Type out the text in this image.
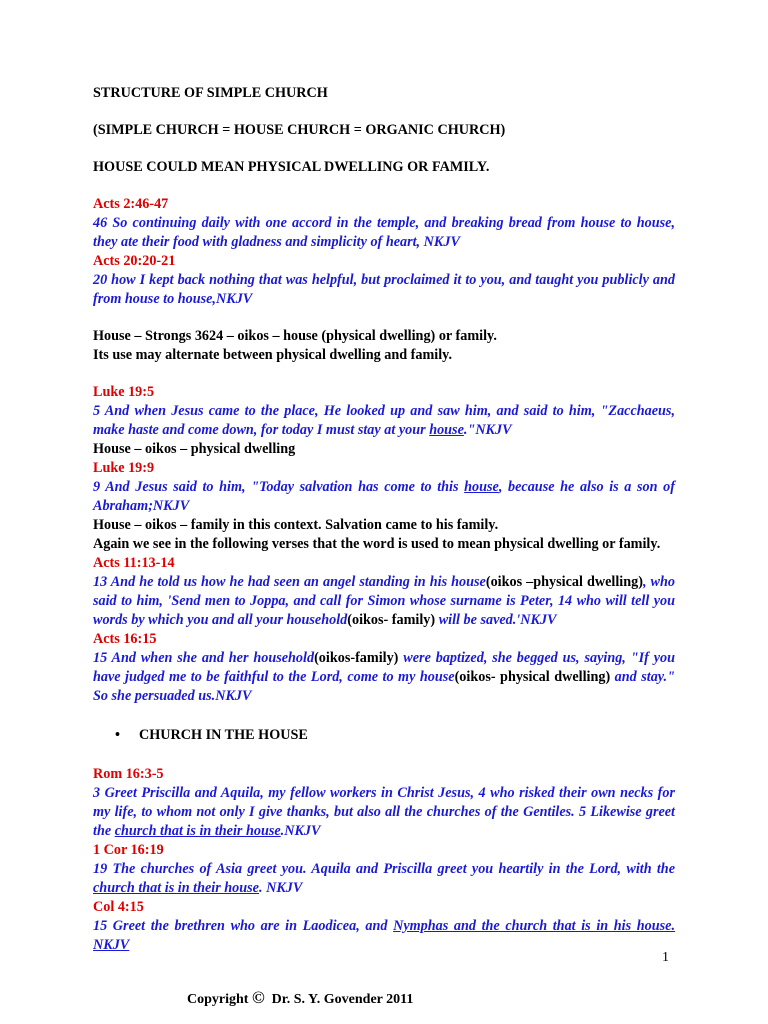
STRUCTURE OF SIMPLE CHURCH

(SIMPLE CHURCH = HOUSE CHURCH = ORGANIC CHURCH)

HOUSE COULD MEAN PHYSICAL DWELLING OR FAMILY.

Acts 2:46-47

46 So continuing daily with one accord in the temple, and breaking bread from house to house, they ate their food with gladness and simplicity of heart, NKJV

Acts 20:20-21

20 how I kept back nothing that was helpful, but proclaimed it to you, and taught you publicly and from house to house,NKJV

House – Strongs 3624 – oikos – house (physical dwelling) or family.

Its use may alternate between physical dwelling and family.

Luke 19:5

5 And when Jesus came to the place, He looked up and saw him, and said to him, "Zacchaeus, make haste and come down, for today I must stay at your house."NKJV

House – oikos – physical dwelling

Luke 19:9

9 And Jesus said to him, "Today salvation has come to this house, because he also is a son of Abraham;NKJV

House – oikos – family in this context. Salvation came to his family.

Again we see in the following verses that the word is used to mean physical dwelling or family.

Acts 11:13-14

13 And he told us how he had seen an angel standing in his house(oikos –physical dwelling), who said to him, 'Send men to Joppa, and call for Simon whose surname is Peter, 14 who will tell you words by which you and all your household(oikos- family) will be saved.'NKJV

Acts 16:15

15 And when she and her household(oikos-family) were baptized, she begged us, saying, "If you have judged me to be faithful to the Lord, come to my house(oikos- physical dwelling) and stay." So she persuaded us.NKJV

•	CHURCH IN THE HOUSE

Rom 16:3-5

3 Greet Priscilla and Aquila, my fellow workers in Christ Jesus, 4 who risked their own necks for my life, to whom not only I give thanks, but also all the churches of the Gentiles. 5 Likewise greet the church that is in their house.NKJV

1 Cor 16:19

19 The churches of Asia greet you. Aquila and Priscilla greet you heartily in the Lord, with the church that is in their house. NKJV

Col 4:15

15 Greet the brethren who are in Laodicea, and Nymphas and the church that is in his house. NKJV

1
Copyright ©  Dr. S. Y. Govender 2011
